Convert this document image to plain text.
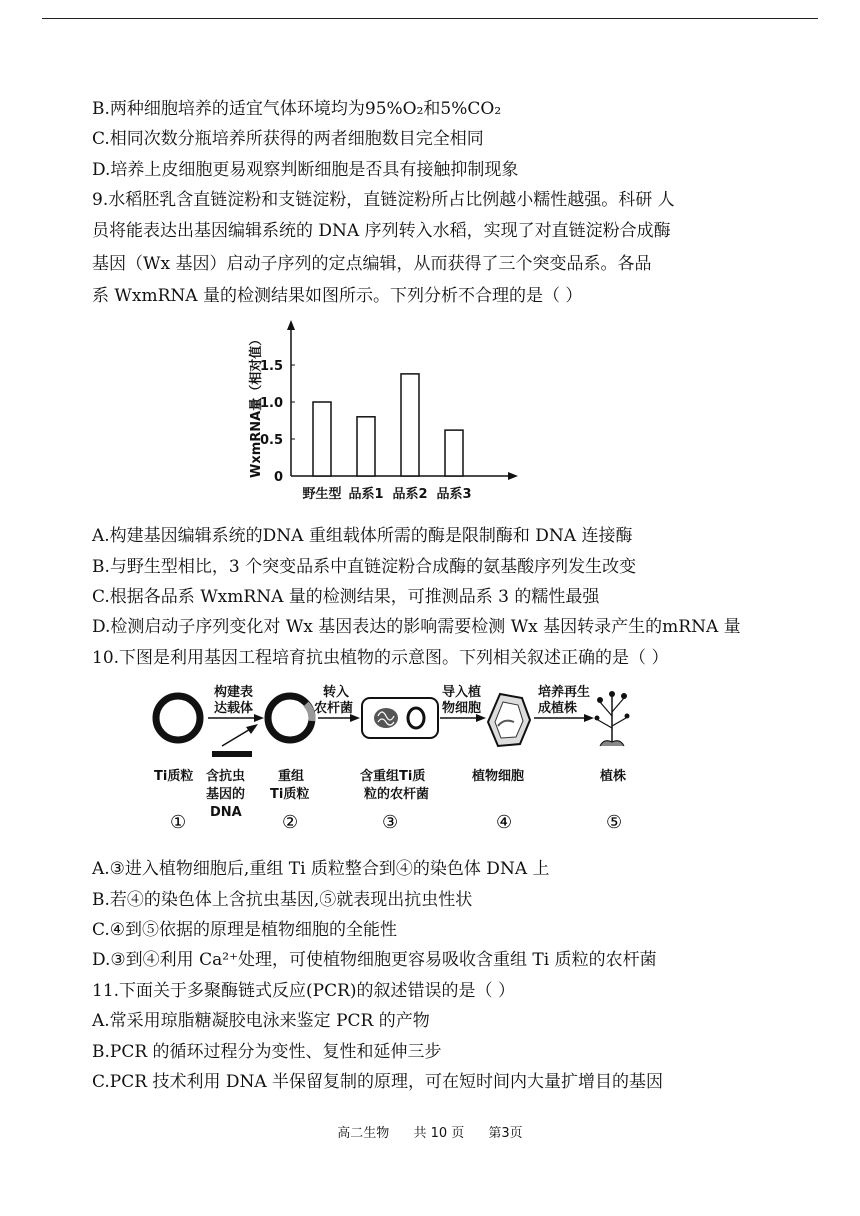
B.两种细胞培养的适宜气体环境均为95%O₂和5%CO₂
C.相同次数分瓶培养所获得的两者细胞数目完全相同
D.培养上皮细胞更易观察判断细胞是否具有接触抑制现象
9.水稻胚乳含直链淀粉和支链淀粉，直链淀粉所占比例越小糯性越强。科研 人
员将能表达出基因编辑系统的 DNA 序列转入水稻，实现了对直链淀粉合成酶
基因（Wx 基因）启动子序列的定点编辑，从而获得了三个突变品系。各品
系 WxmRNA 量的检测结果如图所示。下列分析不合理的是（ ）
A.构建基因编辑系统的DNA 重组载体所需的酶是限制酶和 DNA 连接酶
B.与野生型相比，3 个突变品系中直链淀粉合成酶的氨基酸序列发生改变
C.根据各品系 WxmRNA 量的检测结果，可推测品系 3 的糯性最强
D.检测启动子序列变化对 Wx 基因表达的影响需要检测 Wx 基因转录产生的mRNA 量
10.下图是利用基因工程培育抗虫植物的示意图。下列相关叙述正确的是（ ）
A.③进入植物细胞后,重组 Ti 质粒整合到④的染色体 DNA 上
B.若④的染色体上含抗虫基因,⑤就表现出抗虫性状
C.④到⑤依据的原理是植物细胞的全能性
D.③到④利用 Ca²⁺处理，可使植物细胞更容易吸收含重组 Ti 质粒的农杆菌
11.下面关于多聚酶链式反应(PCR)的叙述错误的是（ ）
A.常采用琼脂糖凝胶电泳来鉴定 PCR 的产物
B.PCR 的循环过程分为变性、复性和延伸三步
C.PCR 技术利用 DNA 半保留复制的原理，可在短时间内大量扩增目的基因
WxmRNA量（相对值） 0
0.5
1.0
1.5
野生型 品系1 品系2 品系3
构建表
达载体
转入
农杆菌
导入植
物细胞
培养再生
成植株
Ti质粒 含抗虫
基因的
DNA
重组
Ti质粒
含重组Ti质
粒的农杆菌
植物细胞	植株
①	②	③	④	⑤
高二生物 共 10 页 第3页
